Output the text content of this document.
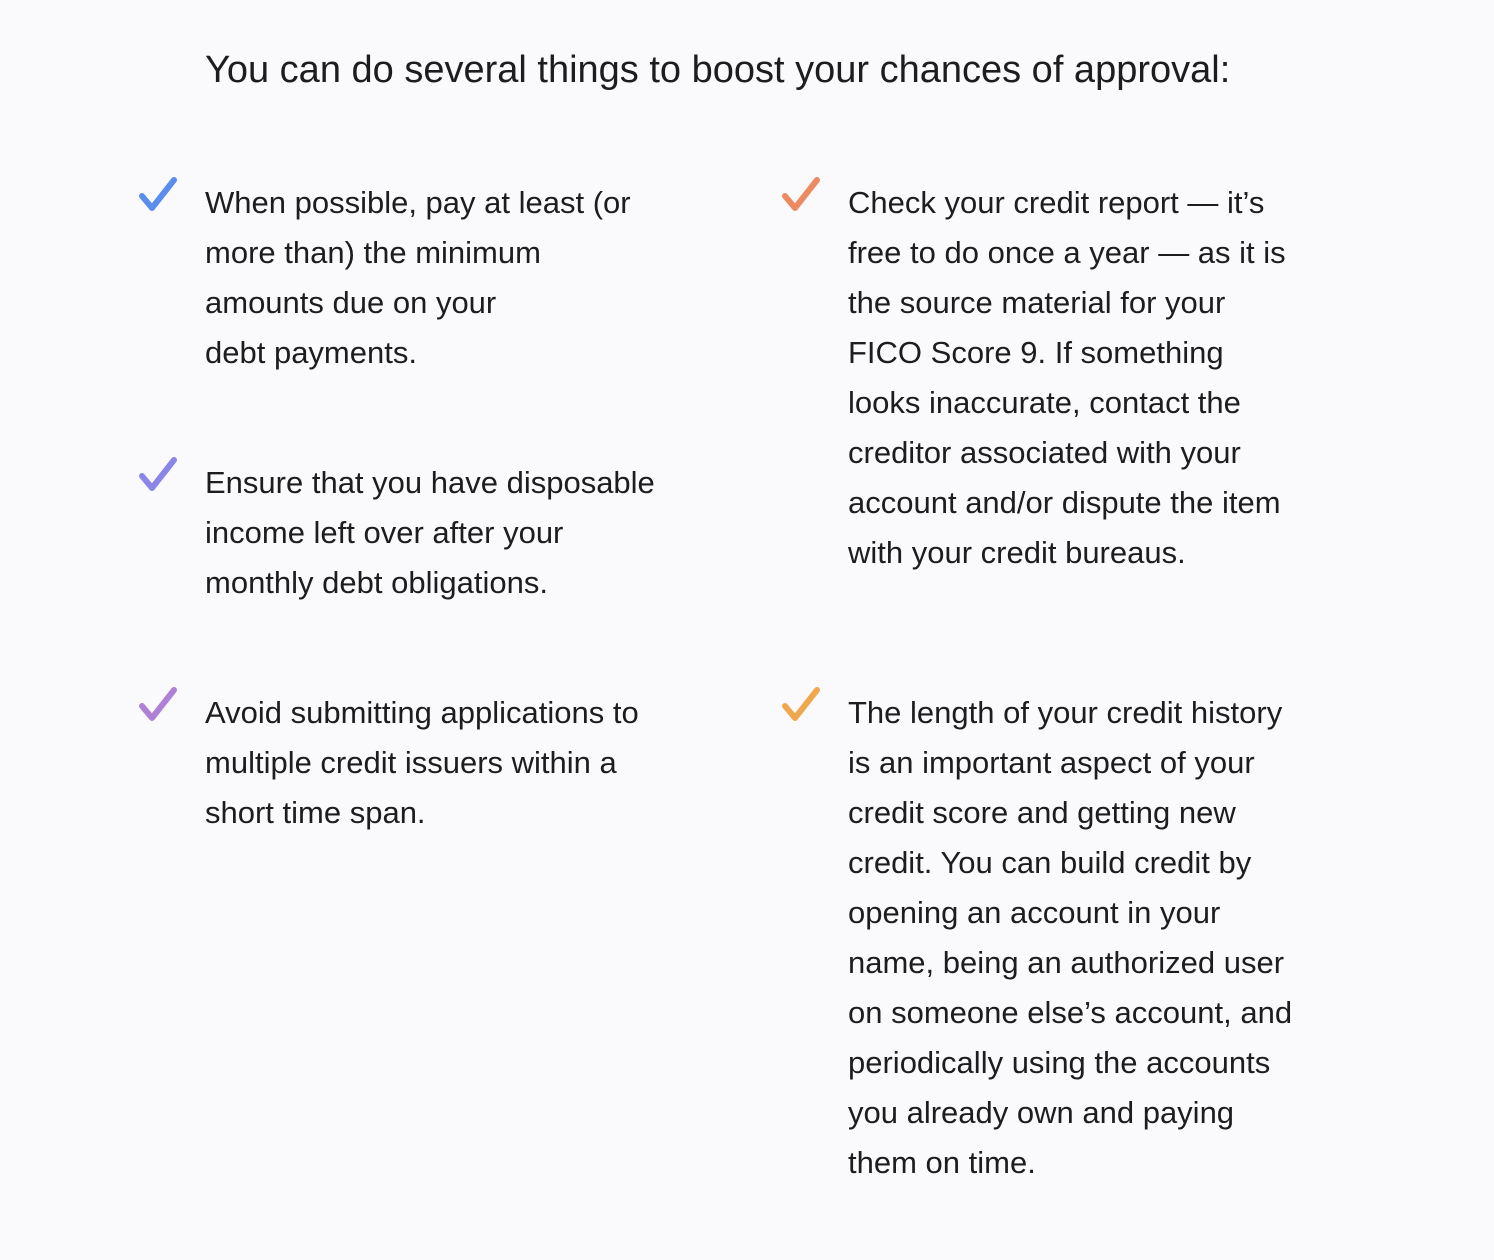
You can do several things to boost your chances of approval:
When possible, pay at least (or
more than) the minimum
amounts due on your
debt payments.
Ensure that you have disposable
income left over after your
monthly debt obligations.
Avoid submitting applications to
multiple credit issuers within a
short time span.
Check your credit report — it’s
free to do once a year — as it is
the source material for your
FICO Score 9. If something
looks inaccurate, contact the
creditor associated with your
account and/or dispute the item
with your credit bureaus.
The length of your credit history
is an important aspect of your
credit score and getting new
credit. You can build credit by
opening an account in your
name, being an authorized user
on someone else’s account, and
periodically using the accounts
you already own and paying
them on time.
